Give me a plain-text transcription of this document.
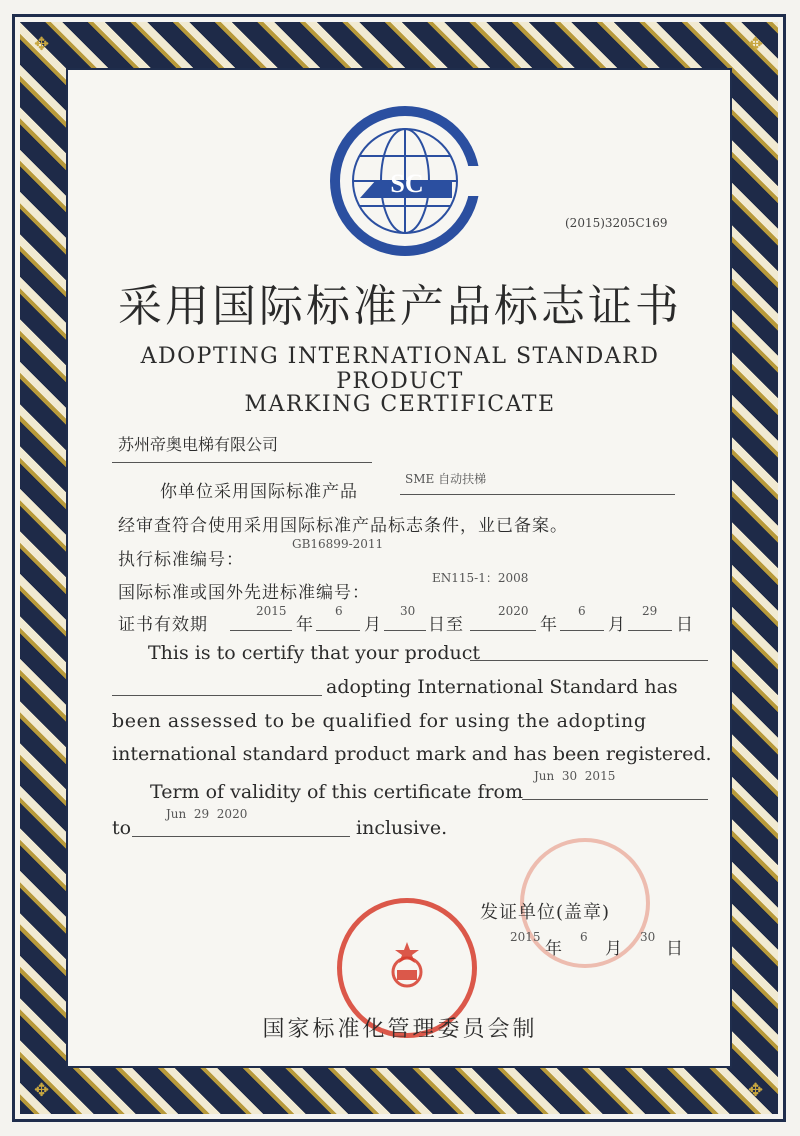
✥	✥
✥	✥
SC
(2015)3205C169
采用国际标准产品标志证书
ADOPTING INTERNATIONAL STANDARD PRODUCT
MARKING CERTIFICATE
苏州帝奥电梯有限公司
你单位采用国际标准产品
SME 自动扶梯
经审查符合使用采用国际标准产品标志条件，业已备案。
执行标准编号：
GB16899-2011
国际标准或国外先进标准编号：
EN115-1：2008
证书有效期
2015
年
6
月
30
日至
2020
年
6
月
29
日
This is to certify that your product
adopting International Standard has
been assessed to be qualified for using the adopting
international standard product mark and has been registered.
Term of validity of this certificate from
Jun  30  2015
to
Jun  29  2020
inclusive.
发证单位(盖章)
2015
年
6
月
30
日
国家标准化管理委员会制
